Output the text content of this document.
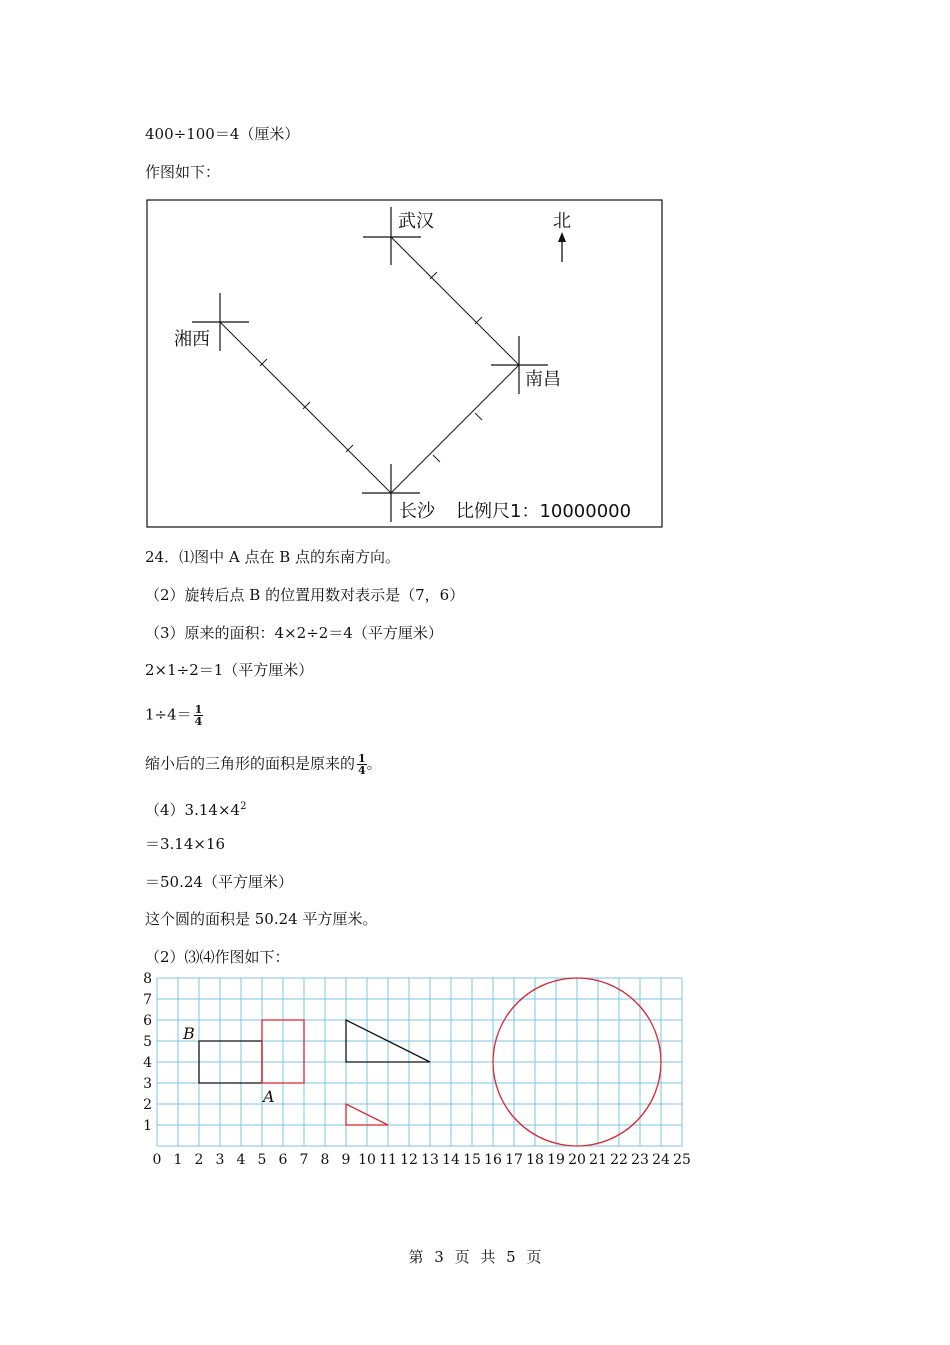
400÷100＝4（厘米）
作图如下：
武汉
湘西
南昌
长沙
北
比例尺1：10000000
24．⑴图中 A 点在 B 点的东南方向。
（2）旋转后点 B 的位置用数对表示是（7，6）
（3）原来的面积：4×2÷2＝4（平方厘米）
2×1÷2＝1（平方厘米）
$1\div 4= \frac{1}{4}$
缩小后的三角形的面积是原来的 $\frac{1}{4}$ 。
$(4)3.14\times 4^2$
＝3.14×16
＝50.24（平方厘米）
这个圆的面积是 50.24 平方厘米。
（2）⑶⑷作图如下：
0 1 2 3 4 5 6 7 8 9 10 11 12 13 14 15 16 17 18 19 20 21 22 23 24 25
1
2
3
4
5
6
7
8
B
A
第 3 页 共 5 页
